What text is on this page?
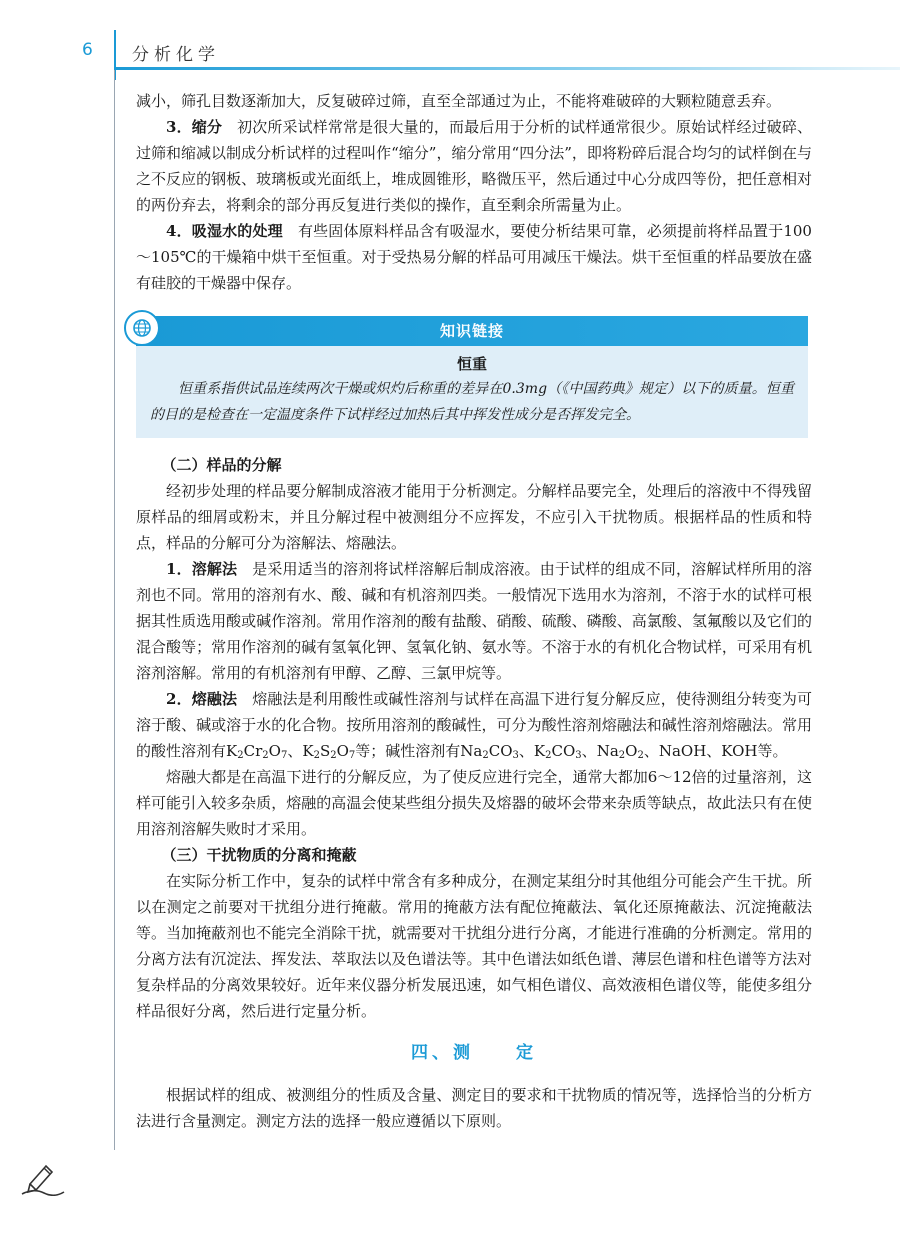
6 分析化学

减小，筛孔目数逐渐加大，反复破碎过筛，直至全部通过为止，不能将难破碎的大颗粒随意丢弃。

3．缩分　 初次所采试样常常是很大量的，而最后用于分析的试样通常很少。原始试样经过破碎、过筛和缩减以制成分析试样的过程叫作“缩分”，缩分常用“四分法”，即将粉碎后混合均匀的试样倒在与之不反应的钢板、玻璃板或光面纸上，堆成圆锥形，略微压平，然后通过中心分成四等份，把任意相对的两份弃去，将剩余的部分再反复进行类似的操作，直至剩余所需量为止。

4．吸湿水的处理　 有些固体原料样品含有吸湿水，要使分析结果可靠，必须提前将样品置于100～105℃的干燥箱中烘干至恒重。对于受热易分解的样品可用减压干燥法。烘干至恒重的样品要放在盛有硅胶的干燥器中保存。

知识链接

恒重

恒重系指供试品连续两次干燥或炽灼后称重的差异在0.3mg（《中国药典》规定）以下的质量。恒重的目的是检查在一定温度条件下试样经过加热后其中挥发性成分是否挥发完全。

（二）样品的分解

经初步处理的样品要分解制成溶液才能用于分析测定。分解样品要完全，处理后的溶液中不得残留原样品的细屑或粉末，并且分解过程中被测组分不应挥发，不应引入干扰物质。根据样品的性质和特点，样品的分解可分为溶解法、熔融法。

1．溶解法　 是采用适当的溶剂将试样溶解后制成溶液。由于试样的组成不同，溶解试样所用的溶剂也不同。常用的溶剂有水、酸、碱和有机溶剂四类。一般情况下选用水为溶剂，不溶于水的试样可根据其性质选用酸或碱作溶剂。常用作溶剂的酸有盐酸、硝酸、硫酸、磷酸、高氯酸、氢氟酸以及它们的混合酸等；常用作溶剂的碱有氢氧化钾、氢氧化钠、氨水等。不溶于水的有机化合物试样，可采用有机溶剂溶解。常用的有机溶剂有甲醇、乙醇、三氯甲烷等。

2．熔融法　 熔融法是利用酸性或碱性溶剂与试样在高温下进行复分解反应，使待测组分转变为可溶于酸、碱或溶于水的化合物。按所用溶剂的酸碱性，可分为酸性溶剂熔融法和碱性溶剂熔融法。常用的酸性溶剂有$K_2Cr_2O_7$、$K_2S_2O_7$等；碱性溶剂有$Na_2CO_3$、$K_2CO_3$、$Na_2O_2$、NaOH、KOH等。

熔融大都是在高温下进行的分解反应，为了使反应进行完全，通常大都加6～12倍的过量溶剂，这样可能引入较多杂质，熔融的高温会使某些组分损失及熔器的破坏会带来杂质等缺点，故此法只有在使用溶剂溶解失败时才采用。

（三）干扰物质的分离和掩蔽

在实际分析工作中，复杂的试样中常含有多种成分，在测定某组分时其他组分可能会产生干扰。所以在测定之前要对干扰组分进行掩蔽。常用的掩蔽方法有配位掩蔽法、氧化还原掩蔽法、沉淀掩蔽法等。当加掩蔽剂也不能完全消除干扰，就需要对干扰组分进行分离，才能进行准确的分析测定。常用的分离方法有沉淀法、挥发法、萃取法以及色谱法等。其中色谱法如纸色谱、薄层色谱和柱色谱等方法对复杂样品的分离效果较好。近年来仪器分析发展迅速，如气相色谱仪、高效液相色谱仪等，能使多组分样品很好分离，然后进行定量分析。

四、测　　定

根据试样的组成、被测组分的性质及含量、测定目的要求和干扰物质的情况等，选择恰当的分析方法进行含量测定。测定方法的选择一般应遵循以下原则。
